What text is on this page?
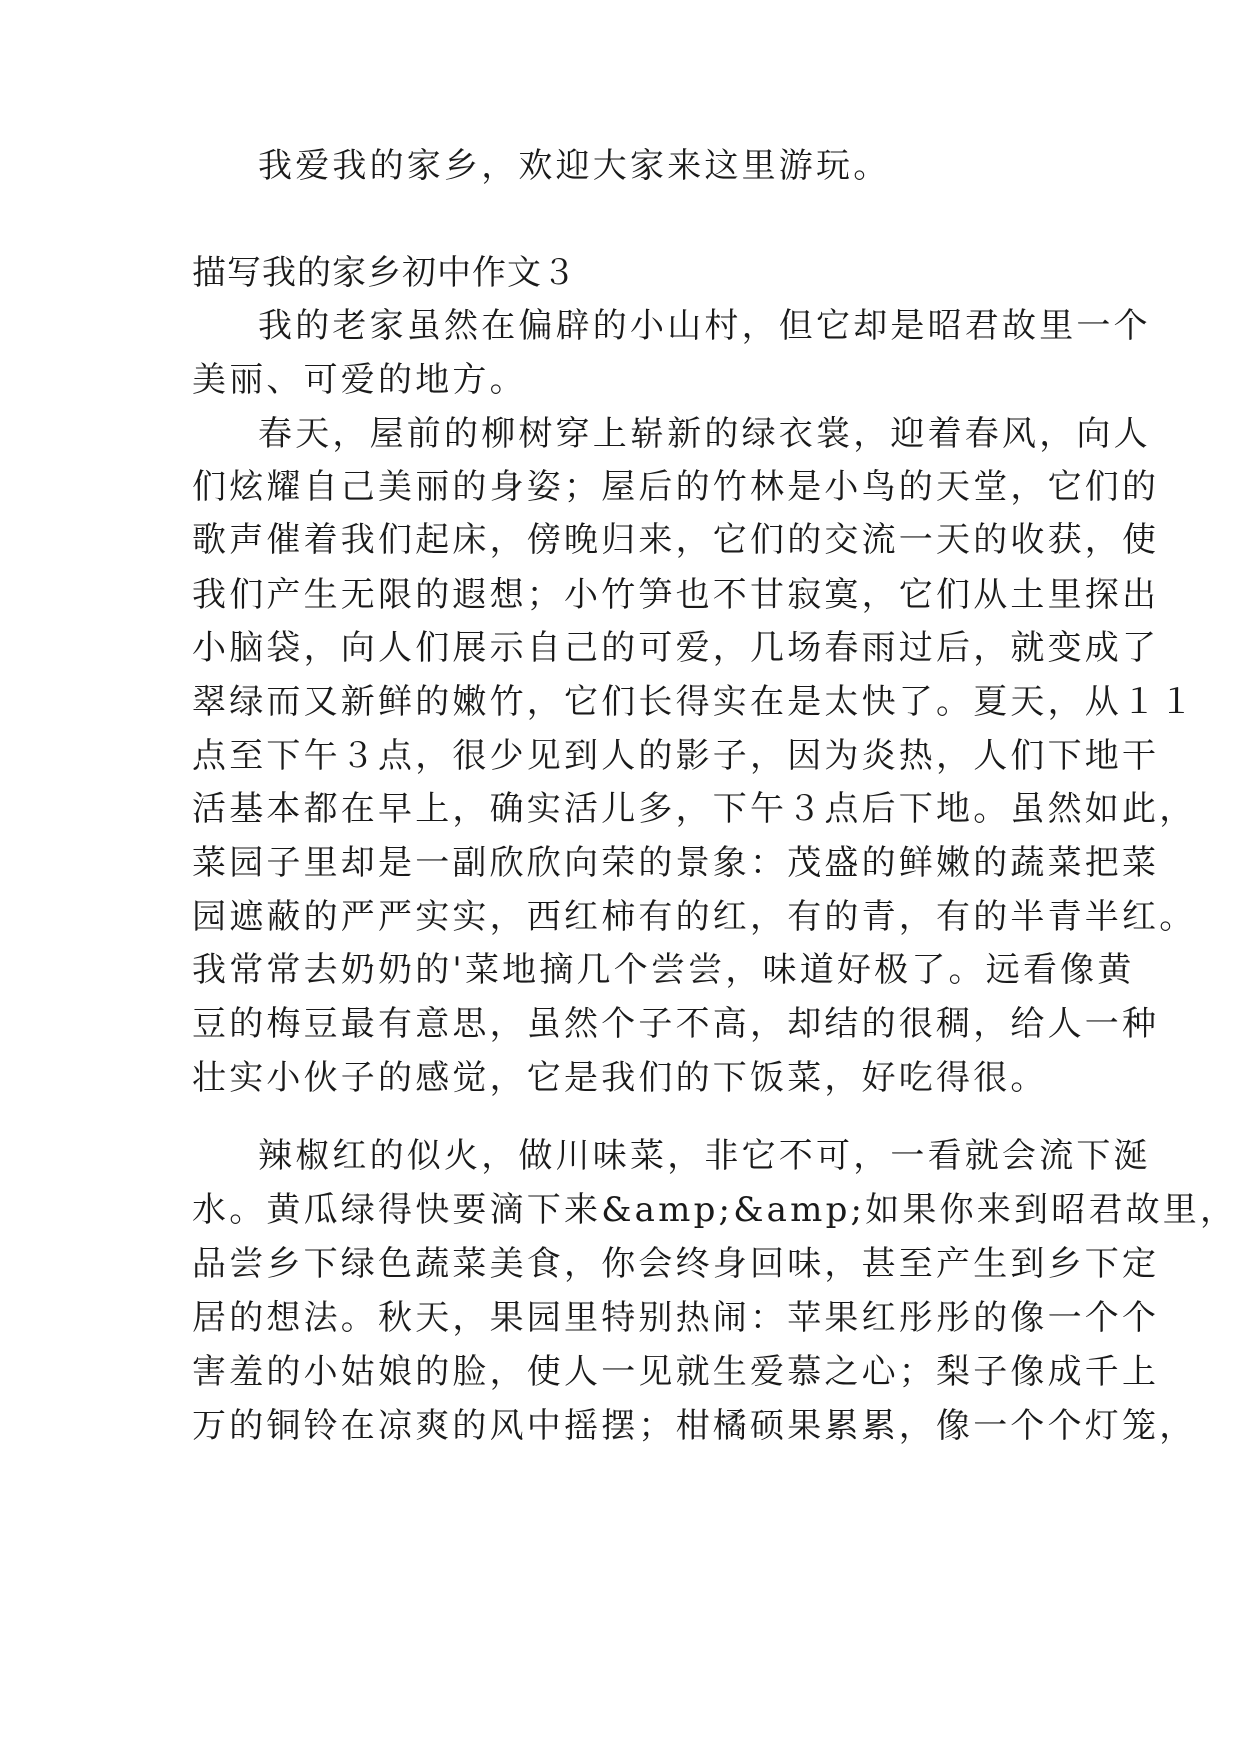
我爱我的家乡，欢迎大家来这里游玩。
描写我的家乡初中作文３
我的老家虽然在偏辟的小山村，但它却是昭君故里一个
美丽、可爱的地方。
春天，屋前的柳树穿上崭新的绿衣裳，迎着春风，向人
们炫耀自己美丽的身姿；屋后的竹林是小鸟的天堂，它们的
歌声催着我们起床，傍晚归来，它们的交流一天的收获，使
我们产生无限的遐想；小竹笋也不甘寂寞，它们从土里探出
小脑袋，向人们展示自己的可爱，几场春雨过后，就变成了
翠绿而又新鲜的嫩竹，它们长得实在是太快了。夏天，从１１
点至下午３点，很少见到人的影子，因为炎热，人们下地干
活基本都在早上，确实活儿多，下午３点后下地。虽然如此，
菜园子里却是一副欣欣向荣的景象：茂盛的鲜嫩的蔬菜把菜
园遮蔽的严严实实，西红柿有的红，有的青，有的半青半红。
我常常去奶奶的'菜地摘几个尝尝，味道好极了。远看像黄
豆的梅豆最有意思，虽然个子不高，却结的很稠，给人一种
壮实小伙子的感觉，它是我们的下饭菜，好吃得很。
辣椒红的似火，做川味菜，非它不可，一看就会流下涎
水。黄瓜绿得快要滴下来&amp;&amp;如果你来到昭君故里，
品尝乡下绿色蔬菜美食，你会终身回味，甚至产生到乡下定
居的想法。秋天，果园里特别热闹：苹果红彤彤的像一个个
害羞的小姑娘的脸，使人一见就生爱慕之心；梨子像成千上
万的铜铃在凉爽的风中摇摆；柑橘硕果累累，像一个个灯笼，
